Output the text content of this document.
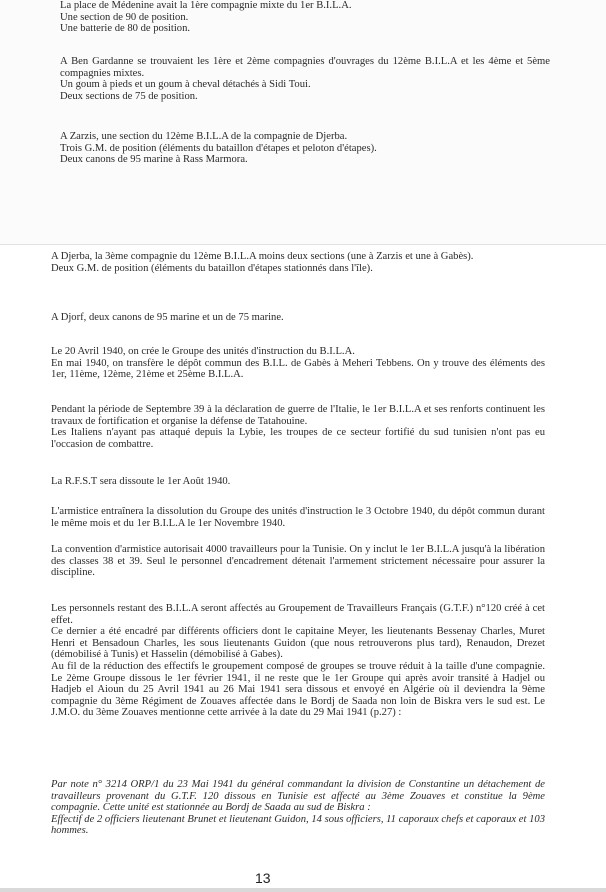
La place de Médenine avait la 1ère compagnie mixte du 1er B.I.L.A.

Une section de 90 de position.

Une batterie de 80 de position.

A Ben Gardanne se trouvaient les 1ère et 2ème compagnies d'ouvrages du 12ème B.I.L.A et les 4ème et 5ème compagnies mixtes.

Un goum à pieds et un goum à cheval détachés à Sidi Toui.

Deux sections de 75 de position.

A Zarzis, une section du 12ème B.I.L.A de la compagnie de Djerba.

Trois G.M. de position (éléments du bataillon d'étapes et peloton d'étapes).

Deux canons de 95 marine à Rass Marmora.

A Djerba, la 3ème compagnie du 12ème B.I.L.A moins deux sections (une à Zarzis et une à Gabès).

Deux G.M. de position (éléments du bataillon d'étapes stationnés dans l'île).

A Djorf, deux canons de 95 marine et un de 75 marine.

Le 20 Avril 1940, on crée le Groupe des unités d'instruction du B.I.L.A.

En mai 1940, on transfère le dépôt commun des B.I.L. de Gabès à Meheri Tebbens. On y trouve des éléments des 1er, 11ème, 12ème, 21ème et 25ème B.I.L.A.

Pendant la période de Septembre 39 à la déclaration de guerre de l'Italie, le 1er B.I.L.A et ses renforts continuent les travaux de fortification et organise la défense de Tatahouine.

Les Italiens n'ayant pas attaqué depuis la Lybie, les troupes de ce secteur fortifié du sud tunisien n'ont pas eu l'occasion de combattre.

La R.F.S.T sera dissoute le 1er Août 1940.

L'armistice entraînera la dissolution du Groupe des unités d'instruction le 3 Octobre 1940, du dépôt commun durant le même mois et du 1er B.I.L.A le 1er Novembre 1940.

La convention d'armistice autorisait 4000 travailleurs pour la Tunisie. On y inclut le 1er B.I.L.A jusqu'à la libération des classes 38 et 39. Seul le personnel d'encadrement détenait l'armement strictement nécessaire pour assurer la discipline.

Les personnels restant des B.I.L.A seront affectés au Groupement de Travailleurs Français (G.T.F.) n°120 créé à cet effet.

Ce dernier a été encadré par différents officiers dont le capitaine Meyer, les lieutenants Bessenay Charles, Muret Henri et Bensadoun Charles, les sous lieutenants Guidon (que nous retrouverons plus tard), Renaudon, Drezet (démobilisé à Tunis) et Hasselin (démobilisé à Gabes).

Au fil de la réduction des effectifs le groupement composé de groupes se trouve réduit à la taille d'une compagnie. Le 2ème Groupe dissous le 1er février 1941, il ne reste que le 1er Groupe qui après avoir transité à Hadjel ou Hadjeb el Aioun du 25 Avril 1941 au 26 Mai 1941 sera dissous et envoyé en Algérie où il deviendra la 9ème compagnie du 3ème Régiment de Zouaves affectée dans le Bordj de Saada non loin de Biskra vers le sud est. Le J.M.O. du 3ème Zouaves mentionne cette arrivée à la date du 29 Mai 1941 (p.27) :

Par note n° 3214 ORP/1 du 23 Mai 1941 du général commandant la division de Constantine un détachement de travailleurs provenant du G.T.F. 120 dissous en Tunisie est affecté au 3ème Zouaves et constitue la 9ème compagnie. Cette unité est stationnée au Bordj de Saada au sud de Biskra :

Effectif de 2 officiers lieutenant Brunet et lieutenant Guidon, 14 sous officiers, 11 caporaux chefs et caporaux et 103 hommes.

13
